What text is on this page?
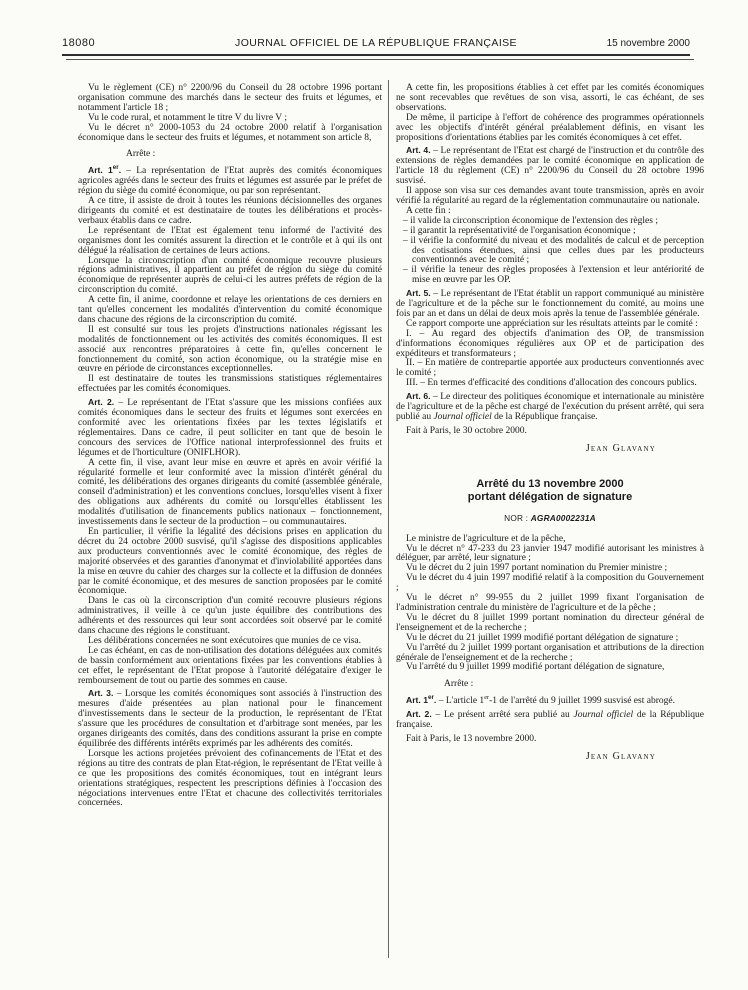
18080	JOURNAL OFFICIEL DE LA RÉPUBLIQUE FRANÇAISE	15 novembre 2000

Vu le règlement (CE) n° 2200/96 du Conseil du 28 octobre 1996 portant organisation commune des marchés dans le secteur des fruits et légumes, et notamment l'article 18 ;

Vu le code rural, et notamment le titre V du livre V ;

Vu le décret n° 2000-1053 du 24 octobre 2000 relatif à l'organisation économique dans le secteur des fruits et légumes, et notamment son article 8,

Arrête :

Art. 1er. – La représentation de l'Etat auprès des comités économiques agricoles agréés dans le secteur des fruits et légumes est assurée par le préfet de région du siège du comité économique, ou par son représentant.

A ce titre, il assiste de droit à toutes les réunions décisionnelles des organes dirigeants du comité et est destinataire de toutes les délibérations et procès-verbaux établis dans ce cadre.

Le représentant de l'Etat est également tenu informé de l'activité des organismes dont les comités assurent la direction et le contrôle et à qui ils ont délégué la réalisation de certaines de leurs actions.

Lorsque la circonscription d'un comité économique recouvre plusieurs régions administratives, il appartient au préfet de région du siège du comité économique de représenter auprès de celui-ci les autres préfets de région de la circonscription du comité.

A cette fin, il anime, coordonne et relaye les orientations de ces derniers en tant qu'elles concernent les modalités d'intervention du comité économique dans chacune des régions de la circonscription du comité.

Il est consulté sur tous les projets d'instructions nationales régissant les modalités de fonctionnement ou les activités des comités économiques. Il est associé aux rencontres préparatoires à cette fin, qu'elles concernent le fonctionnement du comité, son action économique, ou la stratégie mise en œuvre en période de circonstances exceptionnelles.

Il est destinataire de toutes les transmissions statistiques réglementaires effectuées par les comités économiques.

Art. 2. – Le représentant de l'Etat s'assure que les missions confiées aux comités économiques dans le secteur des fruits et légumes sont exercées en conformité avec les orientations fixées par les textes législatifs et réglementaires. Dans ce cadre, il peut solliciter en tant que de besoin le concours des services de l'Office national interprofessionnel des fruits et légumes et de l'horticulture (ONIFLHOR).

A cette fin, il vise, avant leur mise en œuvre et après en avoir vérifié la régularité formelle et leur conformité avec la mission d'intérêt général du comité, les délibérations des organes dirigeants du comité (assemblée générale, conseil d'administration) et les conventions conclues, lorsqu'elles visent à fixer des obligations aux adhérents du comité ou lorsqu'elles établissent les modalités d'utilisation de financements publics nationaux – fonctionnement, investissements dans le secteur de la production – ou communautaires.

En particulier, il vérifie la légalité des décisions prises en application du décret du 24 octobre 2000 susvisé, qu'il s'agisse des dispositions applicables aux producteurs conventionnés avec le comité économique, des règles de majorité observées et des garanties d'anonymat et d'inviolabilité apportées dans la mise en œuvre du cahier des charges sur la collecte et la diffusion de données par le comité économique, et des mesures de sanction proposées par le comité économique.

Dans le cas où la circonscription d'un comité recouvre plusieurs régions administratives, il veille à ce qu'un juste équilibre des contributions des adhérents et des ressources qui leur sont accordées soit observé par le comité dans chacune des régions le constituant.

Les délibérations concernées ne sont exécutoires que munies de ce visa.

Le cas échéant, en cas de non-utilisation des dotations déléguées aux comités de bassin conformément aux orientations fixées par les conventions établies à cet effet, le représentant de l'Etat propose à l'autorité délégataire d'exiger le remboursement de tout ou partie des sommes en cause.

Art. 3. – Lorsque les comités économiques sont associés à l'instruction des mesures d'aide présentées au plan national pour le financement d'investissements dans le secteur de la production, le représentant de l'Etat s'assure que les procédures de consultation et d'arbitrage sont menées, par les organes dirigeants des comités, dans des conditions assurant la prise en compte équilibrée des différents intérêts exprimés par les adhérents des comités.

Lorsque les actions projetées prévoient des cofinancements de l'Etat et des régions au titre des contrats de plan Etat-région, le représentant de l'Etat veille à ce que les propositions des comités économiques, tout en intégrant leurs orientations stratégiques, respectent les prescriptions définies à l'occasion des négociations intervenues entre l'Etat et chacune des collectivités territoriales concernées.

A cette fin, les propositions établies à cet effet par les comités économiques ne sont recevables que revêtues de son visa, assorti, le cas échéant, de ses observations.

De même, il participe à l'effort de cohérence des programmes opérationnels avec les objectifs d'intérêt général préalablement définis, en visant les propositions d'orientations établies par les comités économiques à cet effet.

Art. 4. – Le représentant de l'Etat est chargé de l'instruction et du contrôle des extensions de règles demandées par le comité économique en application de l'article 18 du règlement (CE) n° 2200/96 du Conseil du 28 octobre 1996 susvisé.

Il appose son visa sur ces demandes avant toute transmission, après en avoir vérifié la régularité au regard de la réglementation communautaire ou nationale.

A cette fin :

– il valide la circonscription économique de l'extension des règles ;

– il garantit la représentativité de l'organisation économique ;

– il vérifie la conformité du niveau et des modalités de calcul et de perception des cotisations étendues, ainsi que celles dues par les producteurs conventionnés avec le comité ;

– il vérifie la teneur des règles proposées à l'extension et leur antériorité de mise en œuvre par les OP.

Art. 5. – Le représentant de l'Etat établit un rapport communiqué au ministère de l'agriculture et de la pêche sur le fonctionnement du comité, au moins une fois par an et dans un délai de deux mois après la tenue de l'assemblée générale.

Ce rapport comporte une appréciation sur les résultats atteints par le comité :

I. – Au regard des objectifs d'animation des OP, de transmission d'informations économiques régulières aux OP et de participation des expéditeurs et transformateurs ;

II. – En matière de contrepartie apportée aux producteurs conventionnés avec le comité ;

III. – En termes d'efficacité des conditions d'allocation des concours publics.

Art. 6. – Le directeur des politiques économique et internationale au ministère de l'agriculture et de la pêche est chargé de l'exécution du présent arrêté, qui sera publié au Journal officiel de la République française.

Fait à Paris, le 30 octobre 2000.

Jean Glavany
Arrêté du 13 novembre 2000
portant délégation de signature
NOR : AGRA0002231A

Le ministre de l'agriculture et de la pêche,

Vu le décret n° 47-233 du 23 janvier 1947 modifié autorisant les ministres à déléguer, par arrêté, leur signature ;

Vu le décret du 2 juin 1997 portant nomination du Premier ministre ;

Vu le décret du 4 juin 1997 modifié relatif à la composition du Gouvernement ;

Vu le décret n° 99-955 du 2 juillet 1999 fixant l'organisation de l'administration centrale du ministère de l'agriculture et de la pêche ;

Vu le décret du 8 juillet 1999 portant nomination du directeur général de l'enseignement et de la recherche ;

Vu le décret du 21 juillet 1999 modifié portant délégation de signature ;

Vu l'arrêté du 2 juillet 1999 portant organisation et attributions de la direction générale de l'enseignement et de la recherche ;

Vu l'arrêté du 9 juillet 1999 modifié portant délégation de signature,

Arrête :

Art. 1er. – L'article 1er-1 de l'arrêté du 9 juillet 1999 susvisé est abrogé.

Art. 2. – Le présent arrêté sera publié au Journal officiel de la République française.

Fait à Paris, le 13 novembre 2000.

Jean Glavany
